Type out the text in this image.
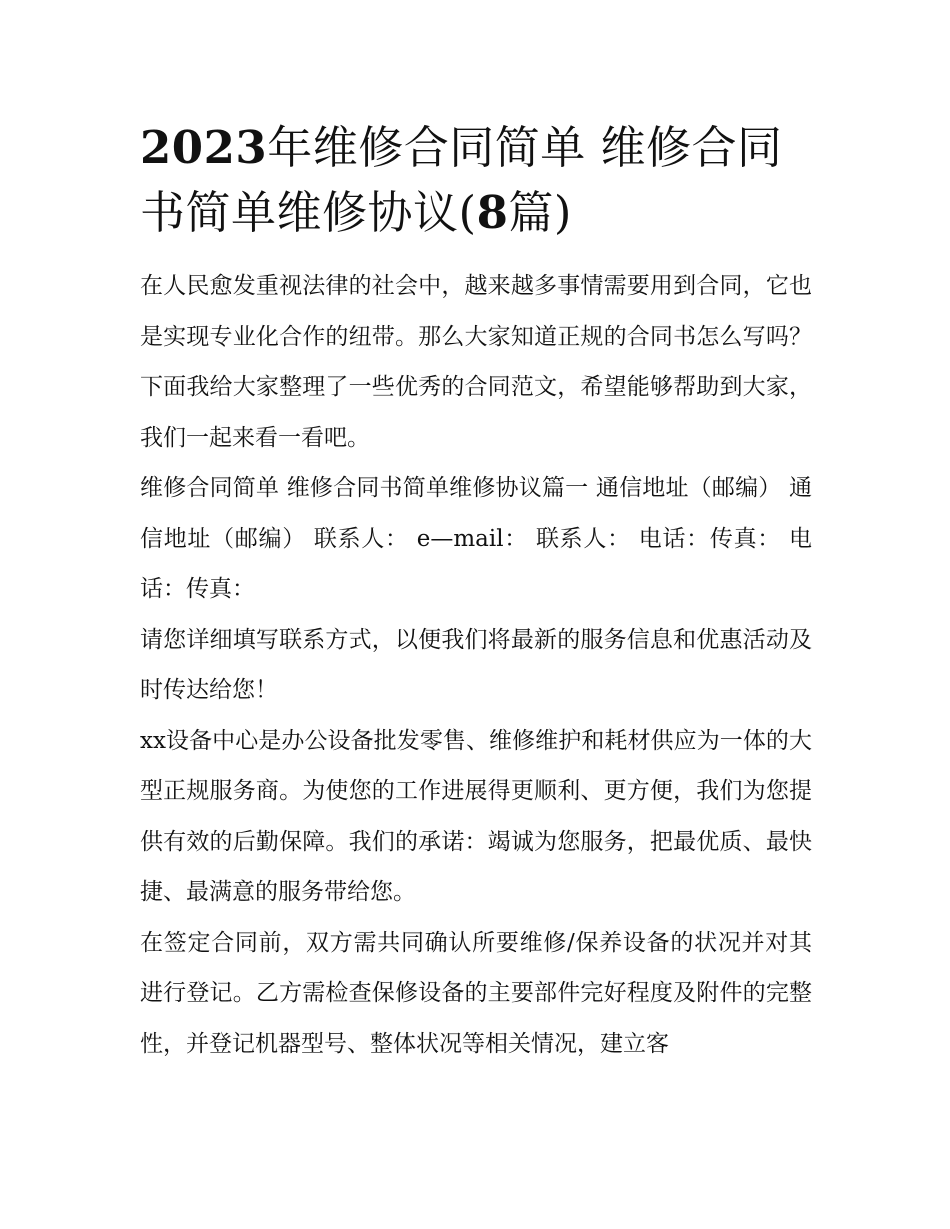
2023年维修合同简单 维修合同书简单维修协议(8篇)

在人民愈发重视法律的社会中，越来越多事情需要用到合同，它也是实现专业化合作的纽带。那么大家知道正规的合同书怎么写吗？下面我给大家整理了一些优秀的合同范文，希望能够帮助到大家，我们一起来看一看吧。

维修合同简单 维修合同书简单维修协议篇一 通信地址（邮编） 通信地址（邮编） 联系人： e—mail： 联系人： 电话：传真： 电话：传真：

请您详细填写联系方式，以便我们将最新的服务信息和优惠活动及时传达给您！

xx设备中心是办公设备批发零售、维修维护和耗材供应为一体的大型正规服务商。为使您的工作进展得更顺利、更方便，我们为您提供有效的后勤保障。我们的承诺：竭诚为您服务，把最优质、最快捷、最满意的服务带给您。

在签定合同前，双方需共同确认所要维修/保养设备的状况并对其进行登记。乙方需检查保修设备的主要部件完好程度及附件的完整性，并登记机器型号、整体状况等相关情况，建立客
